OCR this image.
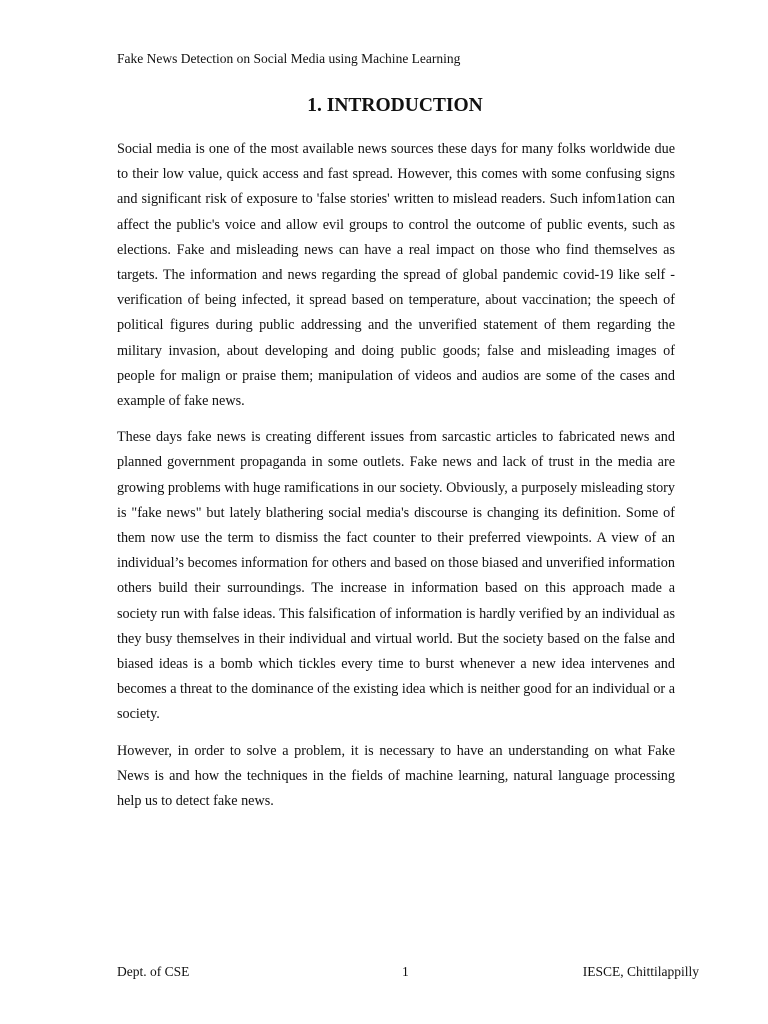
Fake News Detection on Social Media using Machine Learning
1. INTRODUCTION

Social media is one of the most available news sources these days for many folks worldwide due to their low value, quick access and fast spread. However, this comes with some confusing signs and significant risk of exposure to 'false stories' written to mislead readers. Such infom1ation can affect the public's voice and allow evil groups to control the outcome of public events, such as elections. Fake and misleading news can have a real impact on those who find themselves as targets. The information and news regarding the spread of global pandemic covid-19 like self -verification of being infected, it spread based on temperature, about vaccination; the speech of political figures during public addressing and the unverified statement of them regarding the military invasion, about developing and doing public goods; false and misleading images of people for malign or praise them; manipulation of videos and audios are some of the cases and example of fake news.

These days fake news is creating different issues from sarcastic articles to fabricated news and planned government propaganda in some outlets. Fake news and lack of trust in the media are growing problems with huge ramifications in our society. Obviously, a purposely misleading story is "fake news" but lately blathering social media's discourse is changing its definition. Some of them now use the term to dismiss the fact counter to their preferred viewpoints. A view of an individual’s becomes information for others and based on those biased and unverified information others build their surroundings. The increase in information based on this approach made a society run with false ideas. This falsification of information is hardly verified by an individual as they busy themselves in their individual and virtual world. But the society based on the false and biased ideas is a bomb which tickles every time to burst whenever a new idea intervenes and becomes a threat to the dominance of the existing idea which is neither good for an individual or a society.

However, in order to solve a problem, it is necessary to have an understanding on what Fake News is and how the techniques in the fields of machine learning, natural language processing help us to detect fake news.

Dept. of CSE	1	IESCE, Chittilappilly
